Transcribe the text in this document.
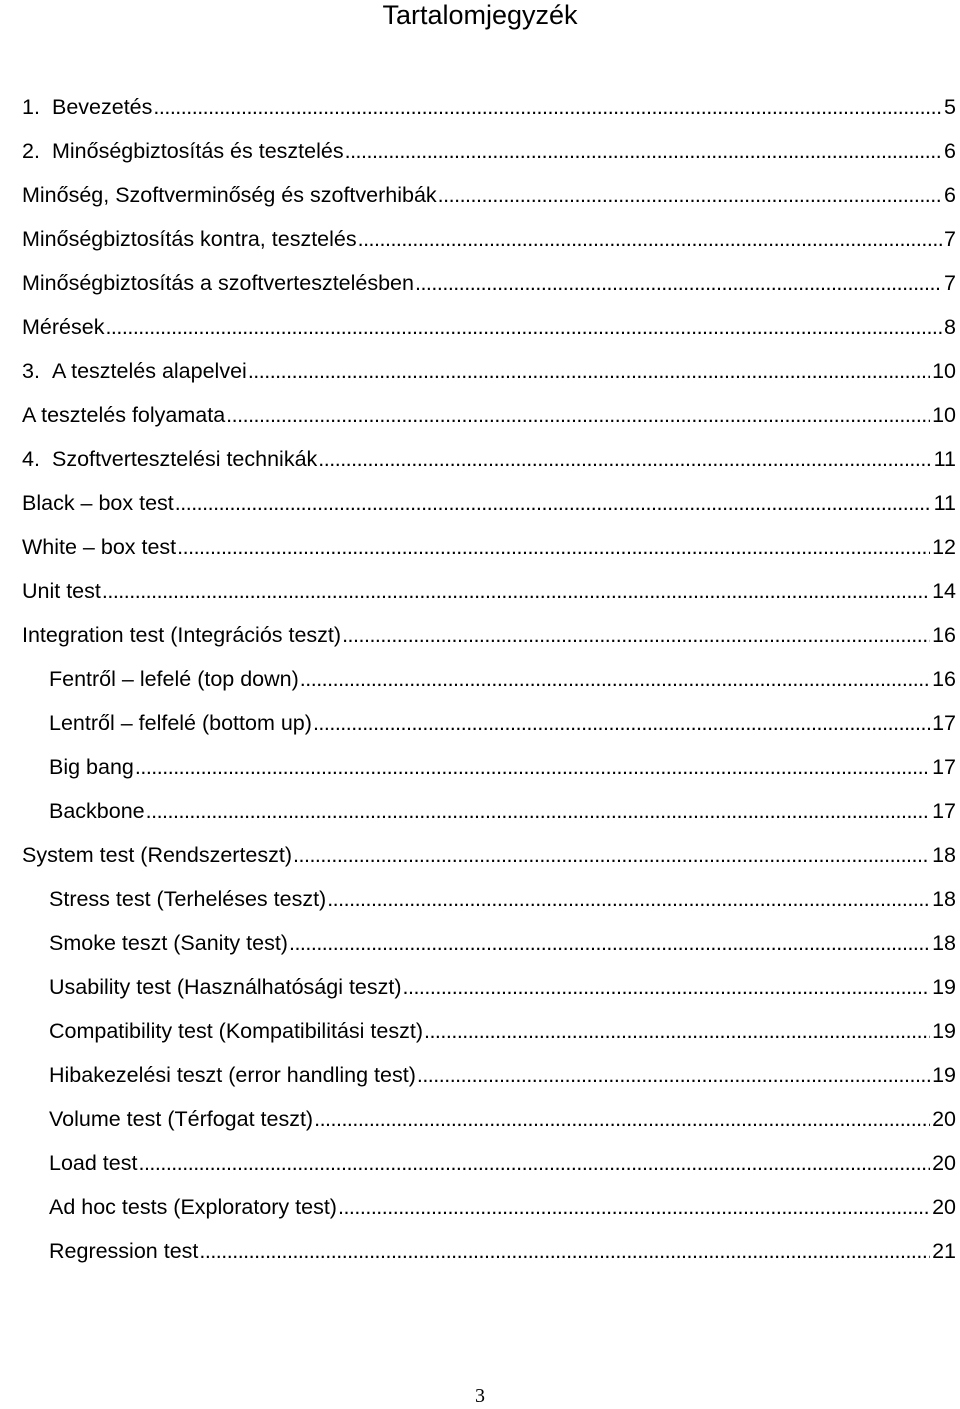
Tartalomjegyzék
1. Bevezetés .....	5
2. Minőségbiztosítás és tesztelés .....	6
Minőség, Szoftverminőség és szoftverhibák .....	6
Minőségbiztosítás kontra, tesztelés .....	7
Minőségbiztosítás a szoftvertesztelésben .....	7
Mérések .....	8
3. A tesztelés alapelvei .....	10
A tesztelés folyamata .....	10
4. Szoftvertesztelési technikák .....	11
Black – box test .....	11
White – box test .....	12
Unit test .....	14
Integration test (Integrációs teszt) .....	16
Fentről – lefelé (top down) .....	16
Lentről – felfelé (bottom up) .....	17
Big bang .....	17
Backbone .....	17
System test (Rendszerteszt) .....	18
Stress test (Terheléses teszt) .....	18
Smoke teszt (Sanity test) .....	18
Usability test (Használhatósági teszt) .....	19
Compatibility test (Kompatibilitási teszt) .....	19
Hibakezelési teszt (error handling test) .....	19
Volume test (Térfogat teszt) .....	20
Load test .....	20
Ad hoc tests (Exploratory test) .....	20
Regression test .....	21
3
